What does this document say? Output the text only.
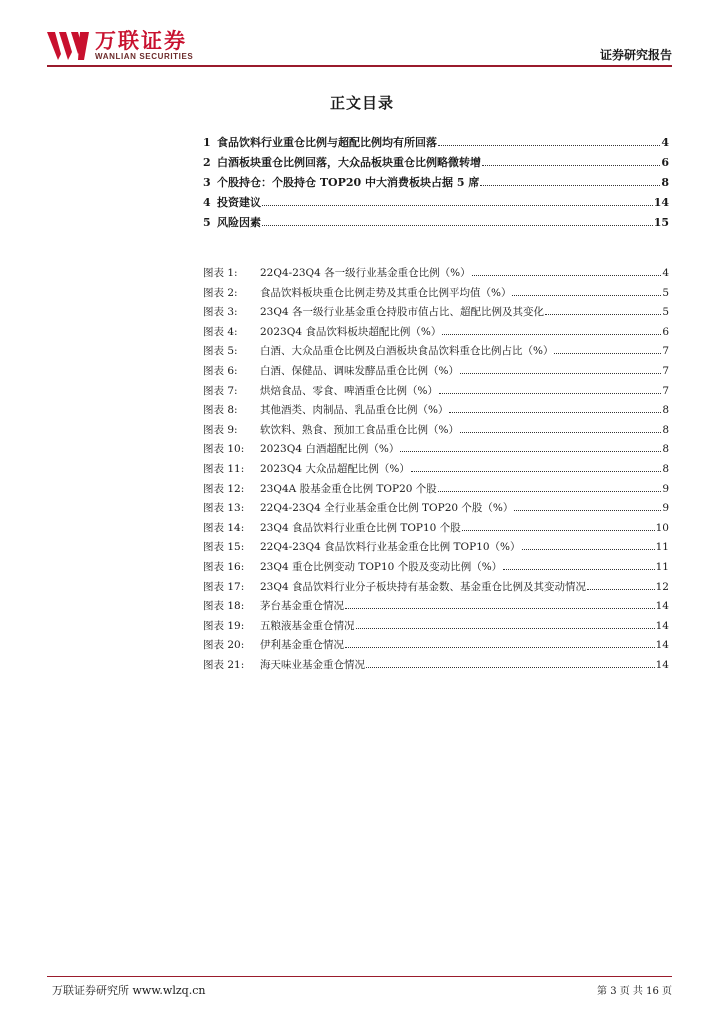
万联证券
WANLIAN SECURITIES	证券研究报告
正文目录
1 食品饮料行业重仓比例与超配比例均有所回落	4
2 白酒板块重仓比例回落，大众品板块重仓比例略微转增	6
3 个股持仓：个股持仓 TOP20 中大消费板块占据 5 席	8
4 投资建议	14
5 风险因素	15
图表 1:	22Q4-23Q4 各一级行业基金重仓比例（%）	4
图表 2:	食品饮料板块重仓比例走势及其重仓比例平均值（%）	5
图表 3:	23Q4 各一级行业基金重仓持股市值占比、超配比例及其变化	5
图表 4:	2023Q4 食品饮料板块超配比例（%）	6
图表 5:	白酒、大众品重仓比例及白酒板块食品饮料重仓比例占比（%）	7
图表 6:	白酒、保健品、调味发酵品重仓比例（%）	7
图表 7:	烘焙食品、零食、啤酒重仓比例（%）	7
图表 8:	其他酒类、肉制品、乳品重仓比例（%）	8
图表 9:	软饮料、熟食、预加工食品重仓比例（%）	8
图表 10:	2023Q4 白酒超配比例（%）	8
图表 11:	2023Q4 大众品超配比例（%）	8
图表 12:	23Q4A 股基金重仓比例 TOP20 个股	9
图表 13:	22Q4-23Q4 全行业基金重仓比例 TOP20 个股（%）	9
图表 14:	23Q4 食品饮料行业重仓比例 TOP10 个股	10
图表 15:	22Q4-23Q4 食品饮料行业基金重仓比例 TOP10（%）	11
图表 16:	23Q4 重仓比例变动 TOP10 个股及变动比例（%）	11
图表 17:	23Q4 食品饮料行业分子板块持有基金数、基金重仓比例及其变动情况	12
图表 18:	茅台基金重仓情况	14
图表 19:	五粮液基金重仓情况	14
图表 20:	伊利基金重仓情况	14
图表 21:	海天味业基金重仓情况	14
万联证券研究所 www.wlzq.cn	第 3 页 共 16 页
